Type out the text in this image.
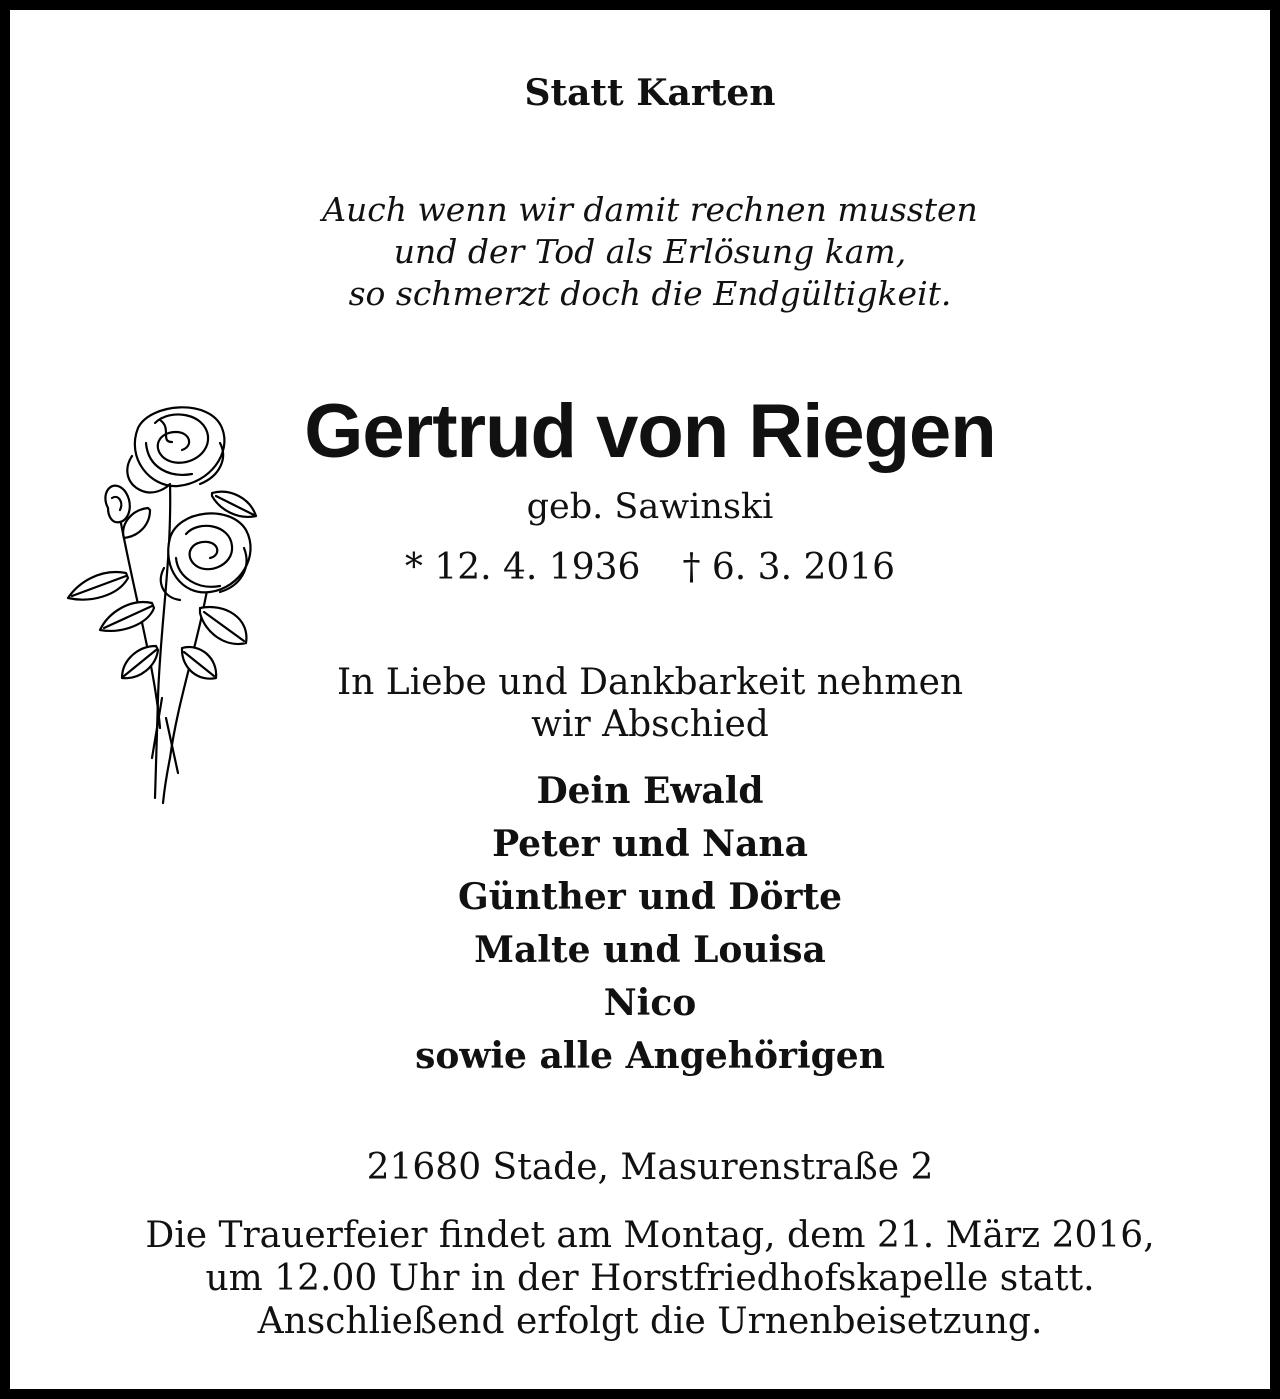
Statt Karten
Auch wenn wir damit rechnen mussten
und der Tod als Erlösung kam,
so schmerzt doch die Endgültigkeit.
Gertrud von Riegen
geb. Sawinski
* 12. 4. 1936 † 6. 3. 2016
In Liebe und Dankbarkeit nehmen
wir Abschied
Dein Ewald
Peter und Nana
Günther und Dörte
Malte und Louisa
Nico
sowie alle Angehörigen
21680 Stade, Masurenstraße 2
Die Trauerfeier findet am Montag, dem 21. März 2016,
um 12.00 Uhr in der Horstfriedhofskapelle statt.
Anschließend erfolgt die Urnenbeisetzung.
